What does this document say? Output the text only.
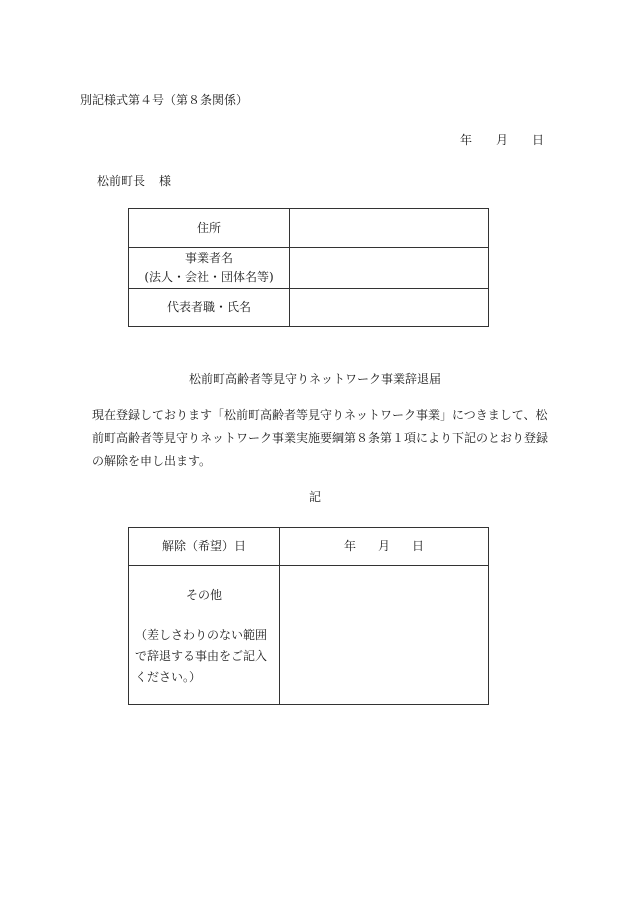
別記様式第４号（第８条関係）
年 月 日
松前町長 様
住所	

事業者名
(法人・会社・団体名等)	

代表者職・氏名	
松前町高齢者等見守りネットワーク事業辞退届

現在登録しております「松前町高齢者等見守りネットワーク事業」につきまして、松前町高齢者等見守りネットワーク事業実施要綱第８条第１項により下記のとおり登録の解除を申し出ます。

記
解除（希望）日	年 月 日

その他
（差しさわりのない範囲
で辞退する事由をご記入
ください。）	
